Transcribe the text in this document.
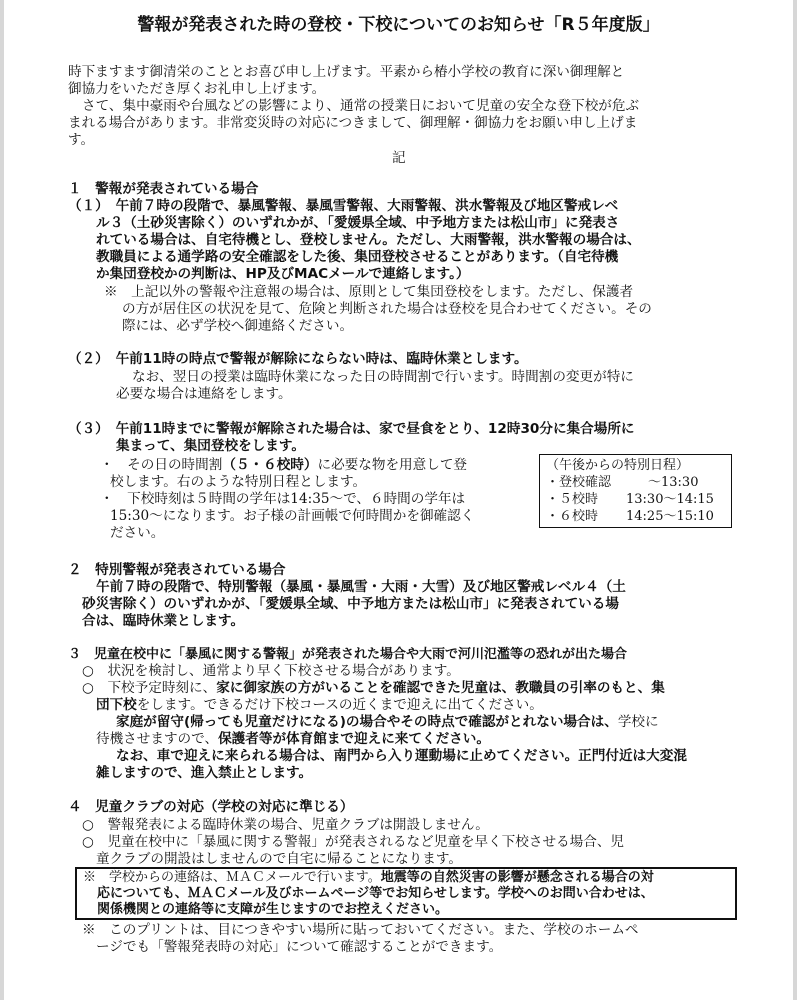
警報が発表された時の登校・下校についてのお知らせ「R５年度版」
時下ますます御清栄のこととお喜び申し上げます。平素から椿小学校の教育に深い御理解と
御協力をいただき厚くお礼申し上げます。
さて、集中豪雨や台風などの影響により、通常の授業日において児童の安全な登下校が危ぶ
まれる場合があります。非常変災時の対応につきまして、御理解・御協力をお願い申し上げま
す。
記
１　警報が発表されている場合
（１）　午前７時の段階で、暴風警報、暴風雪警報、大雨警報、洪水警報及び地区警戒レベ
ル３（土砂災害除く）のいずれかが、「愛媛県全域、中予地方または松山市」に発表さ
れている場合は、自宅待機とし、登校しません。ただし、大雨警報，洪水警報の場合は、
教職員による通学路の安全確認をした後、集団登校させることがあります。（自宅待機
か集団登校かの判断は、HP及びMACメールで連絡します。）
※　上記以外の警報や注意報の場合は、原則として集団登校をします。ただし、保護者
の方が居住区の状況を見て、危険と判断された場合は登校を見合わせてください。その
際には、必ず学校へ御連絡ください。
（２）　午前11時の時点で警報が解除にならない時は、臨時休業とします。
なお、翌日の授業は臨時休業になった日の時間割で行います。時間割の変更が特に
必要な場合は連絡をします。
（３）　午前11時までに警報が解除された場合は、家で昼食をとり、12時30分に集合場所に
集まって、集団登校をします。
・　その日の時間割（５・６校時）に必要な物を用意して登
校します。右のような特別日程とします。
・　下校時刻は５時間の学年は14:35～で、６時間の学年は
15:30～になります。お子様の計画帳で何時間かを御確認く
ださい。
（午後からの特別日程）
・登校確認	～13:30
・５校時 13:30～14:15
・６校時 14:25～15:10
２　特別警報が発表されている場合
午前７時の段階で、特別警報（暴風・暴風雪・大雨・大雪）及び地区警戒レベル４（土
砂災害除く）のいずれかが、「愛媛県全域、中予地方または松山市」に発表されている場
合は、臨時休業とします。
３　児童在校中に「暴風に関する警報」が発表された場合や大雨で河川氾濫等の恐れが出た場合
○　状況を検討し、通常より早く下校させる場合があります。
○　下校予定時刻に、家に御家族の方がいることを確認できた児童は、教職員の引率のもと、集
団下校をします。できるだけ下校コースの近くまで迎えに出てください。
家庭が留守(帰っても児童だけになる)の場合やその時点で確認がとれない場合は、学校に
待機させますので、保護者等が体育館まで迎えに来てください。
なお、車で迎えに来られる場合は、南門から入り運動場に止めてください。正門付近は大変混
雑しますので、進入禁止とします。
４　児童クラブの対応（学校の対応に準じる）
○　警報発表による臨時休業の場合、児童クラブは開設しません。
○　児童在校中に「暴風に関する警報」が発表されるなど児童を早く下校させる場合、児
童クラブの開設はしませんので自宅に帰ることになります。
※　学校からの連絡は、ＭＡＣメールで行います。地震等の自然災害の影響が懸念される場合の対
応についても、ＭＡＣメール及びホームページ等でお知らせします。学校へのお問い合わせは、
関係機関との連絡等に支障が生じますのでお控えください。
※　このプリントは、目につきやすい場所に貼っておいてください。また、学校のホームペ
ージでも「警報発表時の対応」について確認することができます。
